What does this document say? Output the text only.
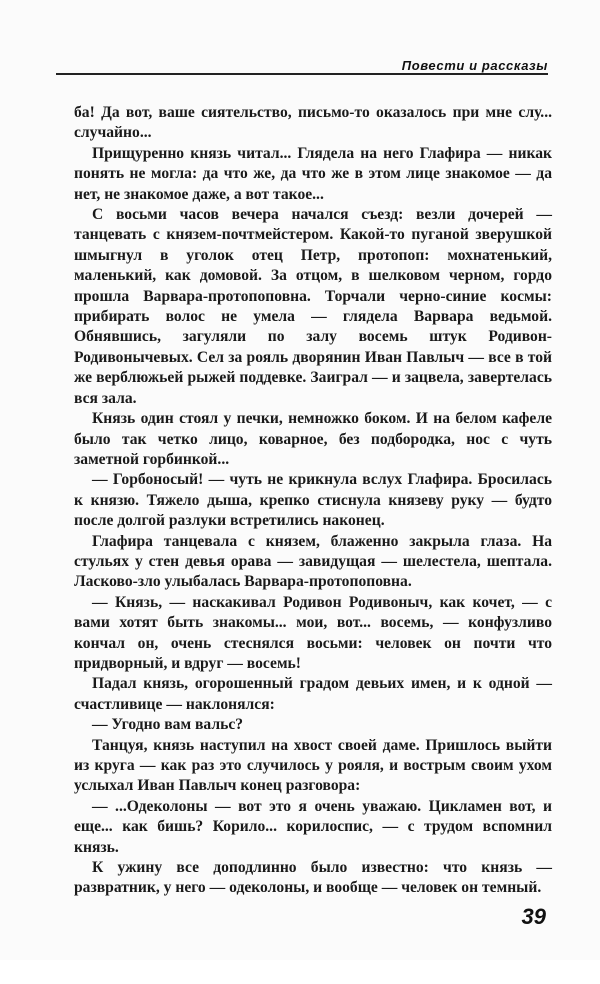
Повести и рассказы

ба! Да вот, ваше сиятельство, письмо-то оказалось при мне слу... случайно...

Прищуренно князь читал... Глядела на него Глафира — никак понять не могла: да что же, да что же в этом лице знакомое — да нет, не знакомое даже, а вот такое...

С восьми часов вечера начался съезд: везли дочерей — танцевать с князем-почтмейстером. Какой-то пуганой зверушкой шмыгнул в уголок отец Петр, протопоп: мохнатенький, маленький, как домовой. За отцом, в шелковом черном, гордо прошла Варвара-протопоповна. Торчали черно-синие космы: прибирать волос не умела — глядела Варвара ведьмой. Обнявшись, загуляли по залу восемь штук Родивон-Родивонычевых. Сел за рояль дворянин Иван Павлыч — все в той же верблюжьей рыжей поддевке. Заиграл — и зацвела, завертелась вся зала.

Князь один стоял у печки, немножко боком. И на белом кафеле было так четко лицо, коварное, без подбородка, нос с чуть заметной горбинкой...

— Горбоносый! — чуть не крикнула вслух Глафира. Бросилась к князю. Тяжело дыша, крепко стиснула князеву руку — будто после долгой разлуки встретились наконец.

Глафира танцевала с князем, блаженно закрыла глаза. На стульях у стен девья орава — завидущая — шелестела, шептала. Ласково-зло улыбалась Варвара-протопоповна.

— Князь, — наскакивал Родивон Родивоныч, как кочет, — с вами хотят быть знакомы... мои, вот... восемь, — конфузливо кончал он, очень стеснялся восьми: человек он почти что придворный, и вдруг — восемь!

Падал князь, огорошенный градом девьих имен, и к одной — счастливице — наклонялся:

— Угодно вам вальс?

Танцуя, князь наступил на хвост своей даме. Пришлось выйти из круга — как раз это случилось у рояля, и вострым своим ухом услыхал Иван Павлыч конец разговора:

— ...Одеколоны — вот это я очень уважаю. Цикламен вот, и еще... как бишь? Корило... корилоспис, — с трудом вспомнил князь.

К ужину все доподлинно было известно: что князь — развратник, у него — одеколоны, и вообще — человек он темный.

39
